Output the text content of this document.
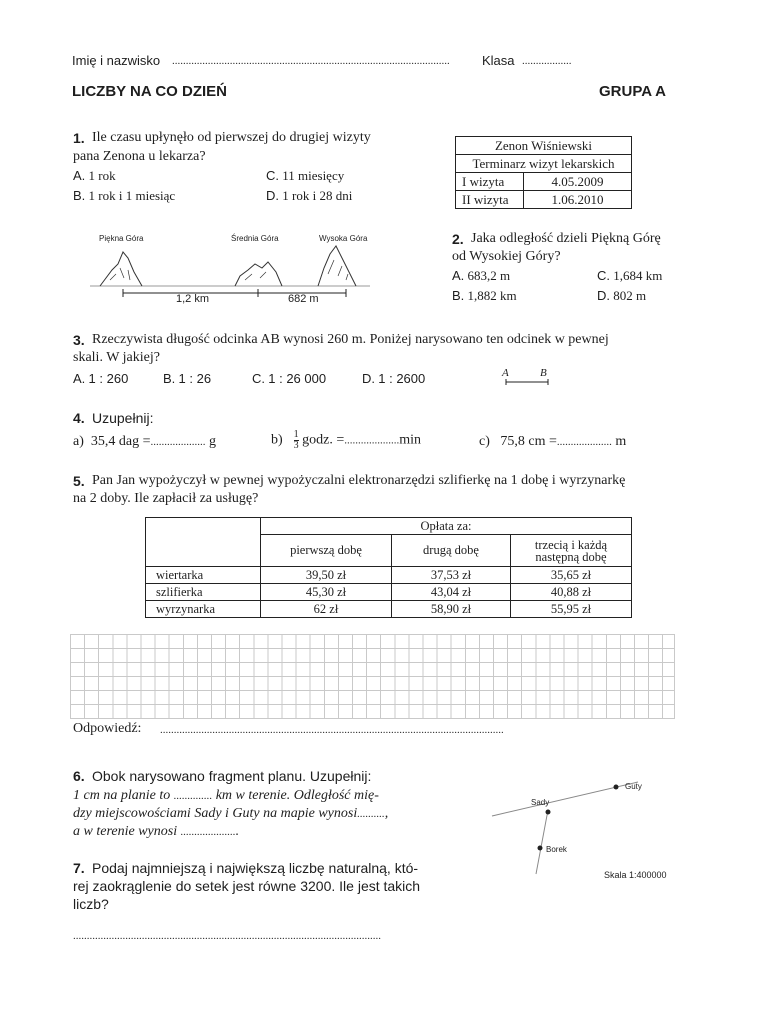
Imię i nazwisko ..................................................................................................... Klasa ..................
LICZBY NA CO DZIEŃ	GRUPA A
1. Ile czasu upłynęło od pierwszej do drugiej wizyty
pana Zenona u lekarza?
A. 1 rok	C. 11 miesięcy
B. 1 rok i 1 miesiąc	D. 1 rok i 28 dni
Zenon Wiśniewski	
Terminarz wizyt lekarskich	
I wizyta	4.05.2009
II wizyta	1.06.2010
Piękna Góra	Średnia Góra	Wysoka Góra
1,2 km	682 m
2. Jaka odległość dzieli Piękną Górę
od Wysokiej Góry?
A. 683,2 m	C. 1,684 km
B. 1,882 km	D. 802 m
3. Rzeczywista długość odcinka AB wynosi 260 m. Poniżej narysowano ten odcinek w pewnej
skali. W jakiej?
A. 1 : 260	B. 1 : 26	C. 1 : 26 000	D. 1 : 2600	A	B
4. Uzupełnij:
a) 35,4 dag =.................... g	$b) \frac{1}{3}$ godz. =....................min	c) 75,8 cm =.................... m
5. Pan Jan wypożyczył w pewnej wypożyczalni elektronarzędzi szlifierkę na 1 dobę i wyrzynarkę
na 2 doby. Ile zapłacił za usługę?
	Opłata za:		
	pierwszą dobę	drugą dobę	trzecią i każdą
następną dobę
wiertarka	39,50 zł	37,53 zł	35,65 zł
szlifierka	45,30 zł	43,04 zł	40,88 zł
wyrzynarka	62 zł	58,90 zł	55,95 zł
Odpowiedź: .............................................................................................................................
6. Obok narysowano fragment planu. Uzupełnij:
1 cm na planie to .............. km w terenie. Odległość mię-
dzy miejscowościami Sady i Guty na mapie wynosi..........,
a w terenie wynosi .....................
Guty
Sady
Borek
Skala 1:400000
7. Podaj najmniejszą i największą liczbę naturalną, któ-
rej zaokrąglenie do setek jest równe 3200. Ile jest takich
liczb?
................................................................................................................
